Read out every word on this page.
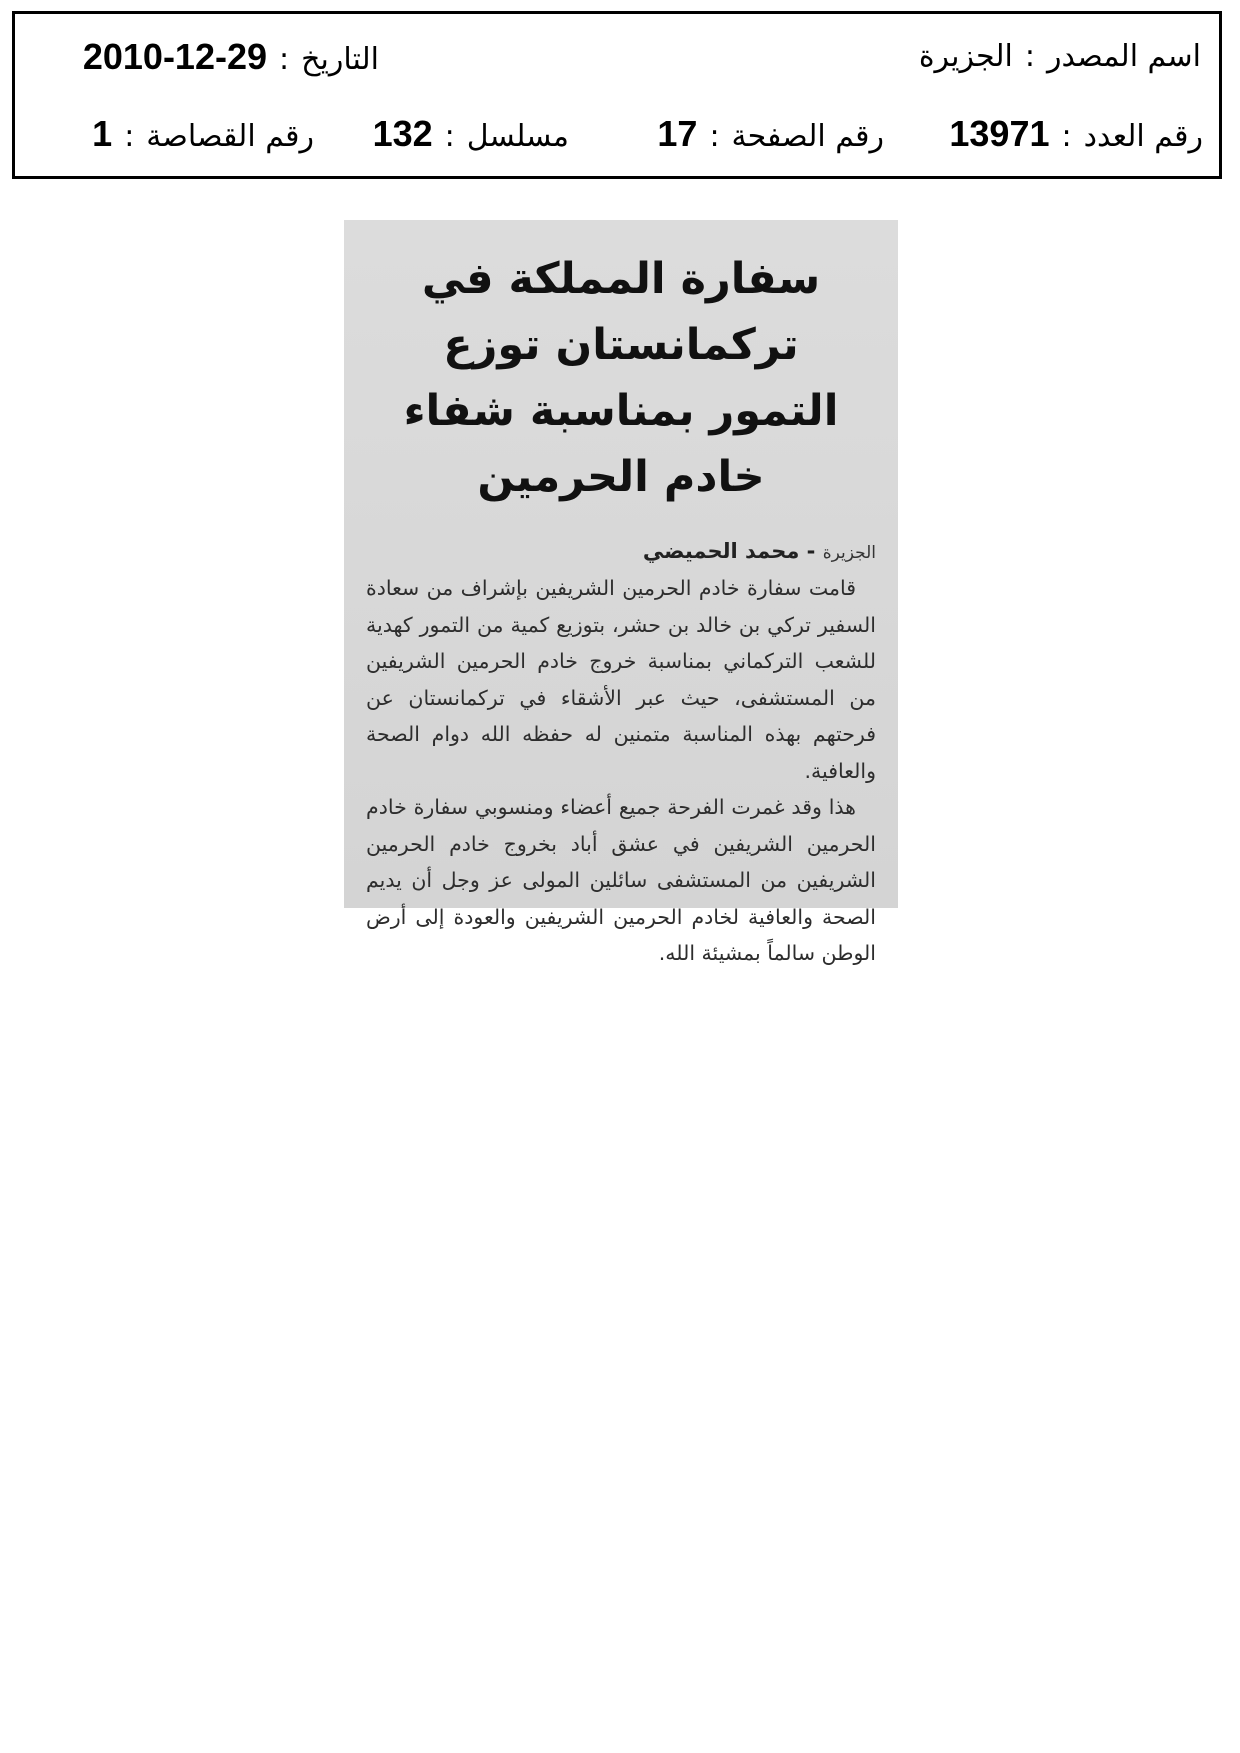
اسم المصدر:الجزيرة
التاريخ:2010-12-29
رقم العدد:13971
رقم الصفحة:17
مسلسل:132
رقم القصاصة:1
سفارة المملكة في تركمانستان توزع
التمور بمناسبة شفاء خادم الحرمين
الجزيرة - محمد الحميضي

قامت سفارة خادم الحرمين الشريفين بإشراف من سعادة السفير تركي بن خالد بن حشر، بتوزيع كمية من التمور كهدية للشعب التركماني بمناسبة خروج خادم الحرمين الشريفين من المستشفى، حيث عبر الأشقاء في تركمانستان عن فرحتهم بهذه المناسبة متمنين له حفظه الله دوام الصحة والعافية.

هذا وقد غمرت الفرحة جميع أعضاء ومنسوبي سفارة خادم الحرمين الشريفين في عشق أباد بخروج خادم الحرمين الشريفين من المستشفى سائلين المولى عز وجل أن يديم الصحة والعافية لخادم الحرمين الشريفين والعودة إلى أرض الوطن سالماً بمشيئة الله.
